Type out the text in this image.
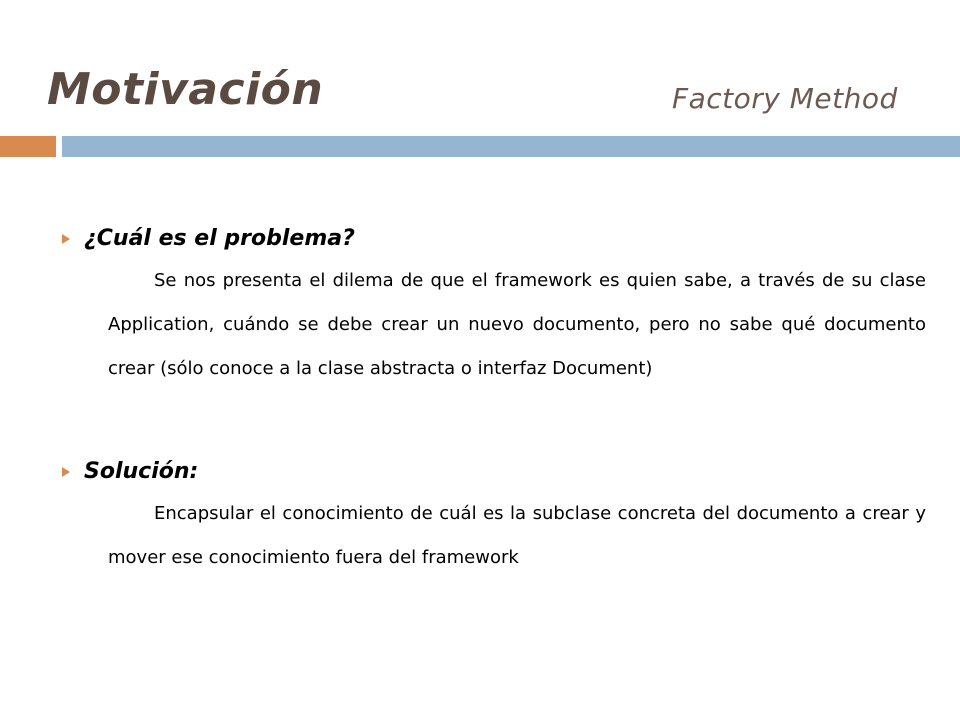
Motivación	Factory Method
¿Cuál es el problema?
Se nos presenta el dilema de que el framework es quien sabe, a través de su clase Application, cuándo se debe crear un nuevo documento, pero no sabe qué documento crear (sólo conoce a la clase abstracta o interfaz Document)
Solución:
Encapsular el conocimiento de cuál es la subclase concreta del documento a crear y mover ese conocimiento fuera del framework
